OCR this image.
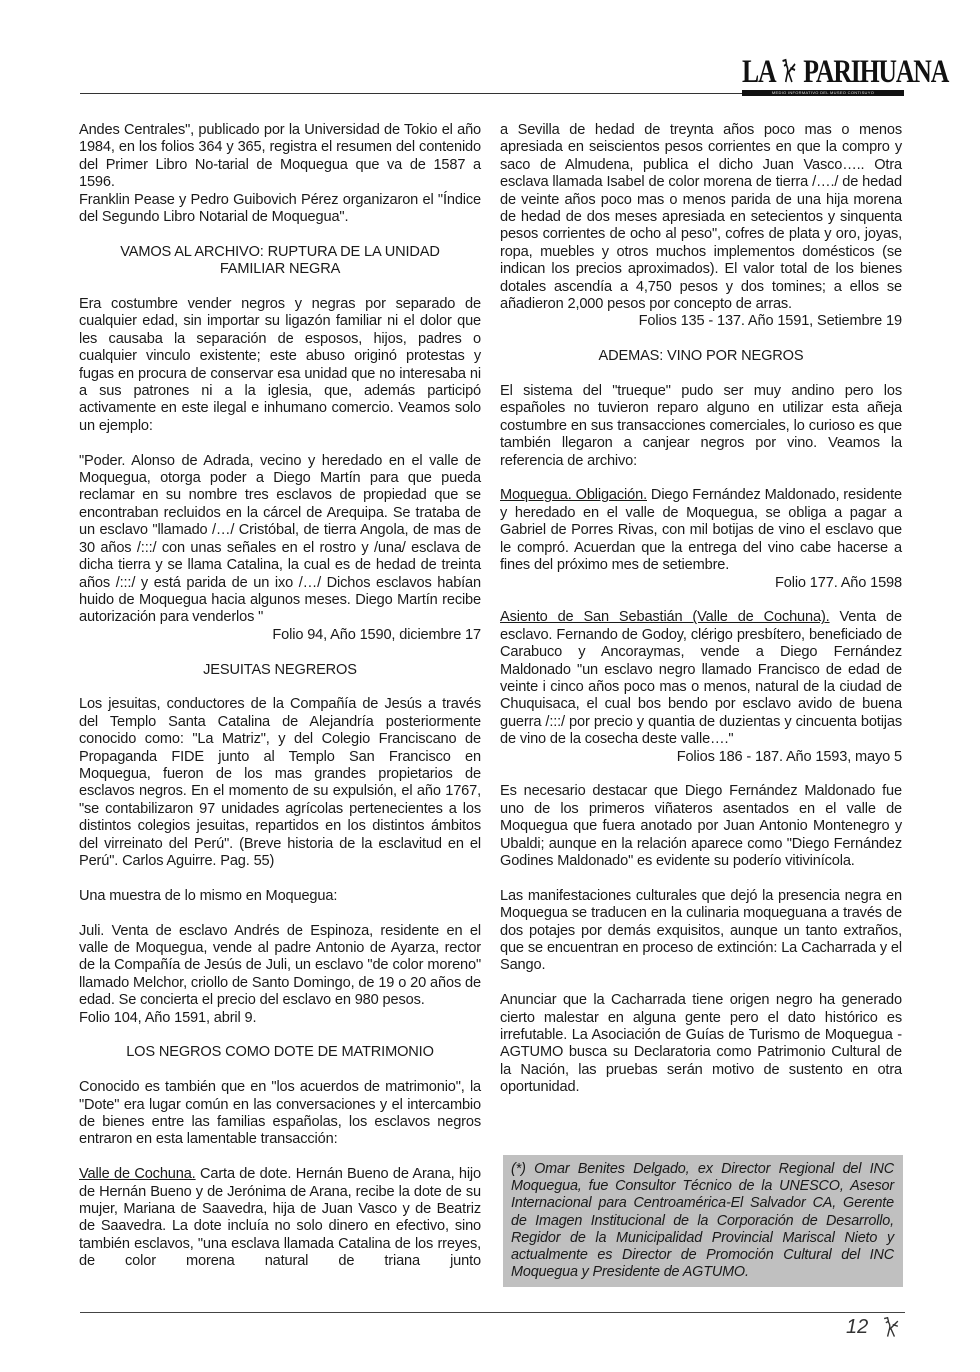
LA  PARIHUANA
MEDIO INFORMATIVO DEL MUSEO CONTISUYO
Andes Centrales", publicado por la Universidad de Tokio el año 1984, en los folios 364 y 365, registra el resumen del contenido del Primer Libro No-tarial de Moquegua que va de 1587 a 1596.
Franklin Pease y Pedro Guibovich Pérez organizaron el "Índice del Segundo Libro Notarial de Moquegua".
VAMOS AL ARCHIVO: RUPTURA DE LA UNIDAD
FAMILIAR NEGRA
Era costumbre vender negros y negras por separado de cualquier edad, sin importar su ligazón familiar ni el dolor que les causaba la separación de esposos, hijos, padres o cualquier vinculo existente; este abuso originó protestas y fugas en procura de conservar esa unidad que no interesaba ni a sus patrones ni a la iglesia, que, además participó activamente en este ilegal e inhumano comercio. Veamos solo un ejemplo:
"Poder. Alonso de Adrada, vecino y heredado en el valle de Moquegua, otorga poder a Diego Martín para que pueda reclamar en su nombre tres esclavos de propiedad que se encontraban recluidos en la cárcel de Arequipa. Se trataba de un esclavo "llamado /…/ Cristóbal, de tierra Angola, de mas de 30 años /:::/ con unas señales en el rostro y /una/ esclava de dicha tierra y se llama Catalina, la cual es de hedad de treinta años /:::/ y está parida de un ixo /…/ Dichos esclavos habían huido de Moquegua hacia algunos meses. Diego Martín recibe autorización para venderlos "
Folio 94, Año 1590, diciembre 17
JESUITAS NEGREROS
Los jesuitas, conductores de la Compañía de Jesús a través del Templo Santa Catalina de Alejandría posteriormente conocido como: "La Matriz", y del Colegio Franciscano de Propaganda FIDE junto al Templo San Francisco en Moquegua, fueron de los mas grandes propietarios de esclavos negros. En el momento de su expulsión, el año 1767, "se contabilizaron 97 unidades agrícolas pertenecientes a los distintos colegios jesuitas, repartidos en los distintos ámbitos del virreinato del Perú". (Breve historia de la esclavitud en el Perú". Carlos Aguirre. Pag. 55)
Una muestra de lo mismo en Moquegua:
Juli. Venta de esclavo Andrés de Espinoza, residente en el valle de Moquegua, vende al padre Antonio de Ayarza, rector de la Compañía de Jesús de Juli, un esclavo "de color moreno" llamado Melchor, criollo de Santo Domingo, de 19 o 20 años de edad. Se concierta el precio del esclavo en 980 pesos.
Folio 104, Año 1591, abril 9.
LOS NEGROS COMO DOTE DE MATRIMONIO
Conocido es también que en "los acuerdos de matrimonio", la "Dote" era lugar común en las conversaciones y el intercambio de bienes entre las familias españolas, los esclavos negros entraron en esta lamentable transacción:
Valle de Cochuna. Carta de dote. Hernán Bueno de Arana, hijo de Hernán Bueno y de Jerónima de Arana, recibe la dote de su mujer, Mariana de Saavedra, hija de Juan Vasco y de Beatriz de Saavedra. La dote incluía no solo dinero en efectivo, sino también esclavos, "una esclava llamada Catalina de los rreyes, de color morena natural de triana junto
a Sevilla de hedad de treynta años poco mas o menos apresiada en seiscientos pesos corrientes en que la compro y saco de Almudena, publica el dicho Juan Vasco….. Otra esclava llamada Isabel de color morena de tierra /…./ de hedad de veinte años poco mas o menos parida de una hija morena de hedad de dos meses apresiada en setecientos y sinquenta pesos corrientes de ocho al peso", cofres de plata y oro, joyas, ropa, muebles y otros muchos implementos domésticos (se indican los precios aproximados). El valor total de los bienes dotales ascendía a 4,750 pesos y dos tomines; a ellos se añadieron 2,000 pesos por concepto de arras.
Folios 135 - 137. Año 1591, Setiembre 19
ADEMAS: VINO POR NEGROS
El sistema del "trueque" pudo ser muy andino pero los españoles no tuvieron reparo alguno en utilizar esta añeja costumbre en sus transacciones comerciales, lo curioso es que también llegaron a canjear negros por vino. Veamos la referencia de archivo:
Moquegua. Obligación. Diego Fernández Maldonado, residente y heredado en el valle de Moquegua, se obliga a pagar a Gabriel de Porres Rivas, con mil botijas de vino el esclavo que le compró. Acuerdan que la entrega del vino cabe hacerse a fines del próximo mes de setiembre.
Folio 177. Año 1598
Asiento de San Sebastián (Valle de Cochuna). Venta de esclavo. Fernando de Godoy, clérigo presbítero, beneficiado de Carabuco y Ancoraymas, vende a Diego Fernández Maldonado "un esclavo negro llamado Francisco de edad de veinte i cinco años poco mas o menos, natural de la ciudad de Chuquisaca, el cual bos bendo por esclavo avido de buena guerra /:::/ por precio y quantia de duzientas y cincuenta botijas de vino de la cosecha deste valle…."
Folios 186 - 187. Año 1593, mayo 5
Es necesario destacar que Diego Fernández Maldonado fue uno de los primeros viñateros asentados en el valle de Moquegua que fuera anotado por Juan Antonio Montenegro y Ubaldi; aunque en la relación aparece como "Diego Fernández Godines Maldonado" es evidente su poderío vitivinícola.
Las manifestaciones culturales que dejó la presencia negra en Moquegua se traducen en la culinaria moqueguana a través de dos potajes por demás exquisitos, aunque un tanto extraños, que se encuentran en proceso de extinción: La Cacharrada y el Sango.
Anunciar que la Cacharrada tiene origen negro ha generado cierto malestar en alguna gente pero el dato histórico es irrefutable. La Asociación de Guías de Turismo de Moquegua - AGTUMO busca su Declaratoria como Patrimonio Cultural de la Nación, las pruebas serán motivo de sustento en otra oportunidad.
(*) Omar Benites Delgado, ex Director Regional del INC Moquegua, fue Consultor Técnico de la UNESCO, Asesor Internacional para Centroamérica-El Salvador CA, Gerente de Imagen Institucional de la Corporación de Desarrollo, Regidor de la Municipalidad Provincial Mariscal Nieto y actualmente es Director de Promoción Cultural del INC Moquegua y Presidente de AGTUMO.
12
